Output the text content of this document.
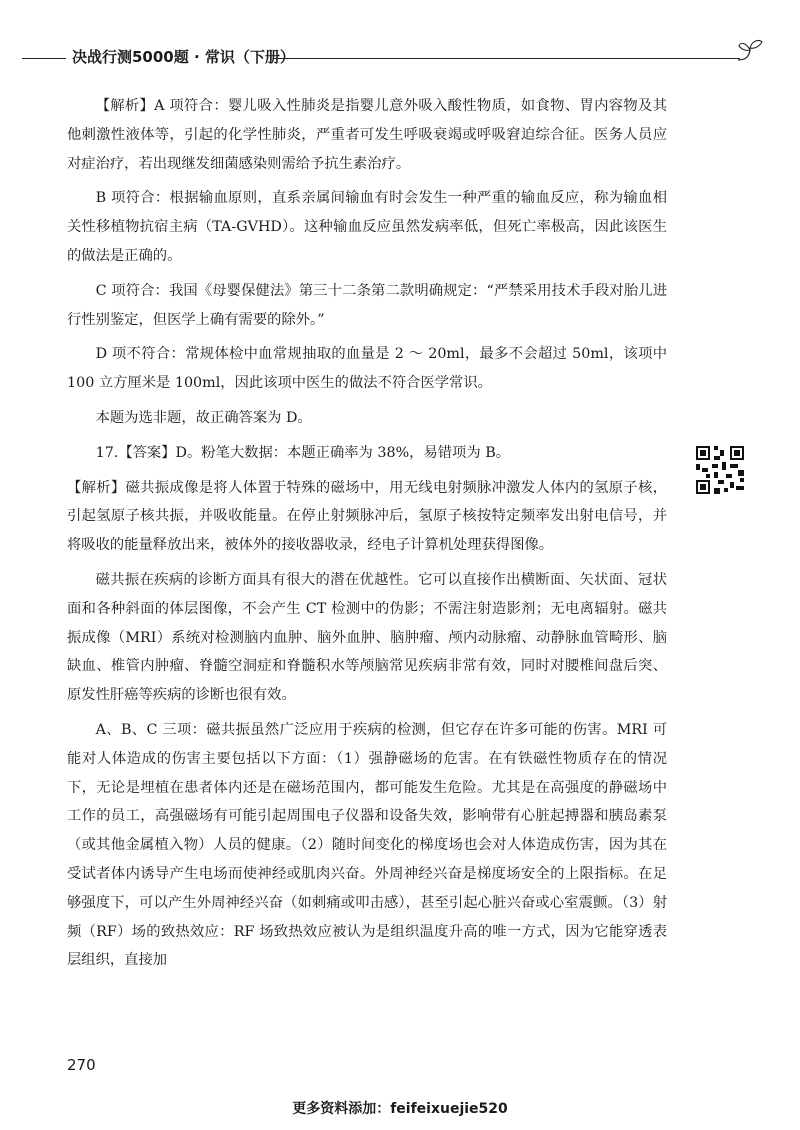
决战行测5000题 · 常识（下册）

【解析】A 项符合：婴儿吸入性肺炎是指婴儿意外吸入酸性物质，如食物、胃内容物及其他刺激性液体等，引起的化学性肺炎，严重者可发生呼吸衰竭或呼吸窘迫综合征。医务人员应对症治疗，若出现继发细菌感染则需给予抗生素治疗。

B 项符合：根据输血原则，直系亲属间输血有时会发生一种严重的输血反应，称为输血相关性移植物抗宿主病（TA-GVHD）。这种输血反应虽然发病率低，但死亡率极高，因此该医生的做法是正确的。

C 项符合：我国《母婴保健法》第三十二条第二款明确规定：“严禁采用技术手段对胎儿进行性别鉴定，但医学上确有需要的除外。”

D 项不符合：常规体检中血常规抽取的血量是 2 ～ 20ml，最多不会超过 50ml，该项中 100 立方厘米是 100ml，因此该项中医生的做法不符合医学常识。

本题为选非题，故正确答案为 D。

17.【答案】D。粉笔大数据：本题正确率为 38%，易错项为 B。

【解析】磁共振成像是将人体置于特殊的磁场中，用无线电射频脉冲激发人体内的氢原子核，引起氢原子核共振，并吸收能量。在停止射频脉冲后，氢原子核按特定频率发出射电信号，并将吸收的能量释放出来，被体外的接收器收录，经电子计算机处理获得图像。

磁共振在疾病的诊断方面具有很大的潜在优越性。它可以直接作出横断面、矢状面、冠状面和各种斜面的体层图像，不会产生 CT 检测中的伪影；不需注射造影剂；无电离辐射。磁共振成像（MRI）系统对检测脑内血肿、脑外血肿、脑肿瘤、颅内动脉瘤、动静脉血管畸形、脑缺血、椎管内肿瘤、脊髓空洞症和脊髓积水等颅脑常见疾病非常有效，同时对腰椎间盘后突、原发性肝癌等疾病的诊断也很有效。

A、B、C 三项：磁共振虽然广泛应用于疾病的检测，但它存在许多可能的伤害。MRI 可能对人体造成的伤害主要包括以下方面：（1）强静磁场的危害。在有铁磁性物质存在的情况下，无论是埋植在患者体内还是在磁场范围内，都可能发生危险。尤其是在高强度的静磁场中工作的员工，高强磁场有可能引起周围电子仪器和设备失效，影响带有心脏起搏器和胰岛素泵（或其他金属植入物）人员的健康。（2）随时间变化的梯度场也会对人体造成伤害，因为其在受试者体内诱导产生电场而使神经或肌肉兴奋。外周神经兴奋是梯度场安全的上限指标。在足够强度下，可以产生外周神经兴奋（如刺痛或叩击感），甚至引起心脏兴奋或心室震颤。（3）射频（RF）场的致热效应：RF 场致热效应被认为是组织温度升高的唯一方式，因为它能穿透表层组织，直接加

270
更多资料添加：feifeixuejie520
